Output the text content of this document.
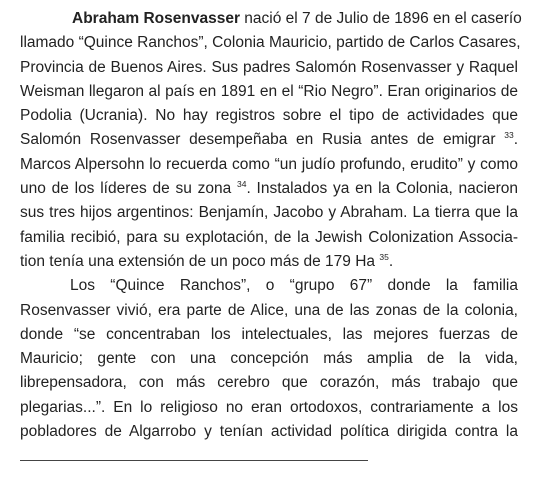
Abraham Rosenvasser nació el 7 de Julio de 1896 en el caserío
llamado “Quince Ranchos”, Colonia Mauricio, partido de Carlos Casares,
Provincia de Buenos Aires. Sus padres Salomón Rosenvasser y Raquel
Weisman llegaron al país en 1891 en el “Rio Negro”. Eran originarios de
Podolia (Ucrania). No hay registros sobre el tipo de actividades que
Salomón Rosenvasser desempeñaba en Rusia antes de emigrar $^{33}$.
Marcos Alpersohn lo recuerda como “un judío profundo, erudito” y como
uno de los líderes de su zona $^{34}$. Instalados ya en la Colonia, nacieron
sus tres hijos argentinos: Benjamín, Jacobo y Abraham. La tierra que la
familia recibió, para su explotación, de la Jewish Colonization Associa-
tion tenía una extensión de un poco más de 179 Ha $^{35}$.
Los “Quince Ranchos”, o “grupo 67” donde la familia
Rosenvasser vivió, era parte de Alice, una de las zonas de la colonia,
donde “se concentraban los intelectuales, las mejores fuerzas de
Mauricio; gente con una concepción más amplia de la vida,
librepensadora, con más cerebro que corazón, más trabajo que
plegarias...”. En lo religioso no eran ortodoxos, contrariamente a los
pobladores de Algarrobo y tenían actividad política dirigida contra la
